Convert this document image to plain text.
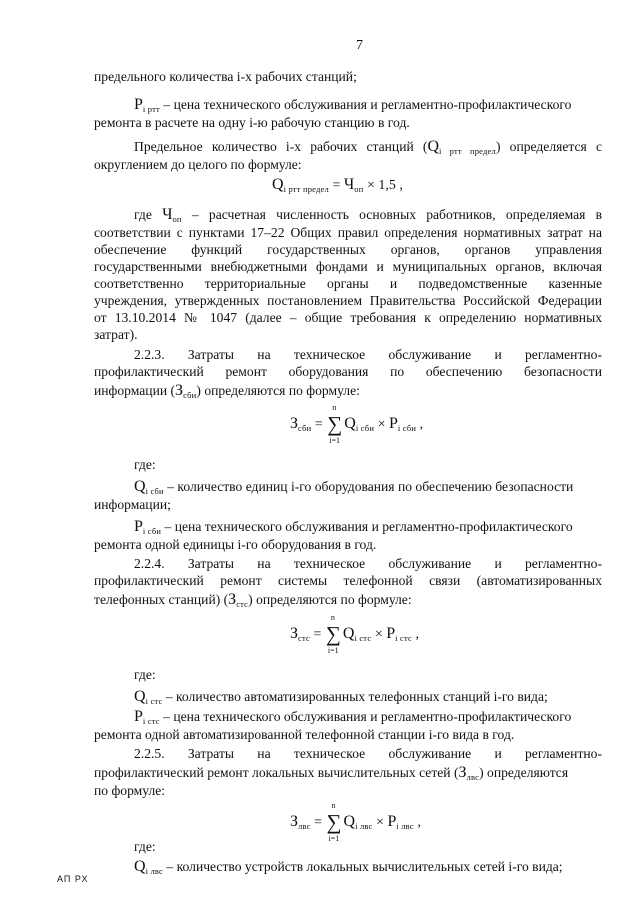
7
предельного количества i-х рабочих станций;
$P_{i ртт}$ – цена технического обслуживания и регламентно-профилактического
ремонта в расчете на одну i-ю рабочую станцию в год.
Предельное количество i-х рабочих станций $(Q_{i ртт предел})$ определяется с
округлением до целого по формуле:
$Q_{i ртт предел} = Ч_{оп} \times 1,5$ ,
где $Ч_{оп}$ – расчетная численность основных работников, определяемая в
соответствии с пунктами 17–22 Общих правил определения нормативных затрат на
обеспечение функций государственных органов, органов управления
государственными внебюджетными фондами и муниципальных органов, включая
соответственно территориальные органы и подведомственные казенные
учреждения, утвержденных постановлением Правительства Российской Федерации
от 13.10.2014 № 1047 (далее – общие требования к определению нормативных
затрат).
2.2.3. Затраты на техническое обслуживание и регламентно-
профилактический ремонт оборудования по обеспечению безопасности
информации $(З_{сби})$ определяются по формуле:
$З_{сби}$ =
n
∑
i=1
$Q_{i сби} \times P_{i сби}$ ,
где:
$Q_{i сби}$ – количество единиц i-го оборудования по обеспечению безопасности
информации;
$P_{i сби}$ – цена технического обслуживания и регламентно-профилактического
ремонта одной единицы i-го оборудования в год.
2.2.4. Затраты на техническое обслуживание и регламентно-
профилактический ремонт системы телефонной связи (автоматизированных
телефонных станций) $(З_{стс})$ определяются по формуле:
$З_{стс}$ =
n
∑
i=1
$Q_{i стс} \times P_{i стс}$ ,
где:
$Q_{i стс}$ – количество автоматизированных телефонных станций i-го вида;
$P_{i стс}$ – цена технического обслуживания и регламентно-профилактического
ремонта одной автоматизированной телефонной станции i-го вида в год.
2.2.5. Затраты на техническое обслуживание и регламентно-
профилактический ремонт локальных вычислительных сетей $(З_{лвс})$ определяются
по формуле:
$З_{лвс}$ =
n
∑
i=1
$Q_{i лвс} \times P_{i лвс}$ ,
где:
$Q_{i лвс}$ – количество устройств локальных вычислительных сетей i-го вида;
АП РХ
